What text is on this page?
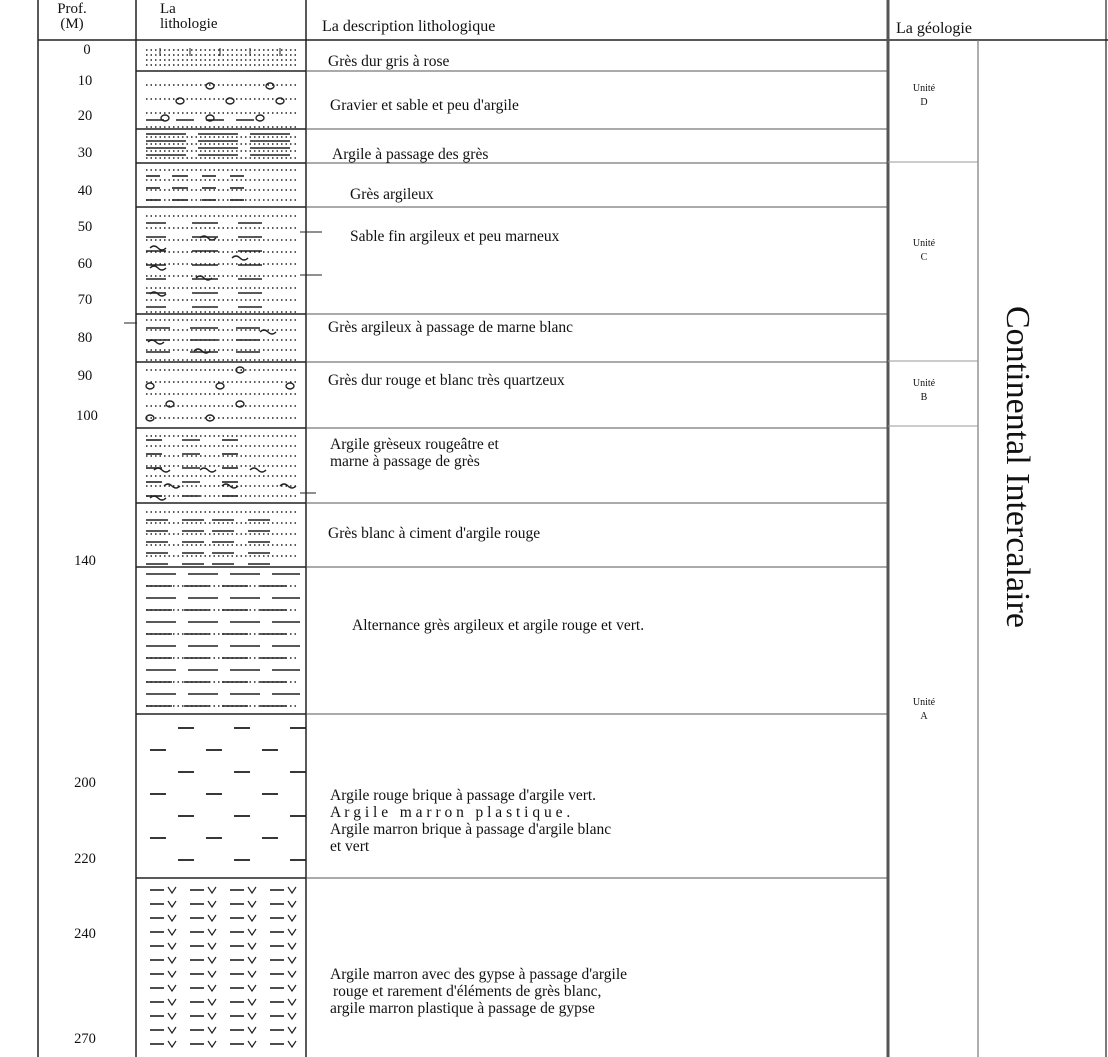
Prof.
(M)
La
lithologie	La description lithologique	La géologie
0
10
20
30
40
50
60
70
80
90
100
140
200
220
240
270
Grès dur gris à rose
Gravier et sable et peu d'argile
Argile à passage des grès
Grès argileux
Sable fin argileux et peu marneux
Grès argileux à passage de marne blanc
Grès dur rouge et blanc très quartzeux
Argile grèseux rougeâtre et
marne à passage de grès
Grès blanc à ciment d'argile rouge
Alternance grès argileux et argile rouge et vert.
Argile rouge brique à passage d'argile vert.
A r g i l e   m a r r o n   p l a s t i q u e .
Argile marron brique à passage d'argile blanc
et vert
Argile marron avec des gypse à passage d'argile
rouge et rarement d'éléments de grès blanc,
argile marron plastique à passage de gypse
Unité
D
Unité
C
Unité
B
Unité
A
Continental Intercalaire
